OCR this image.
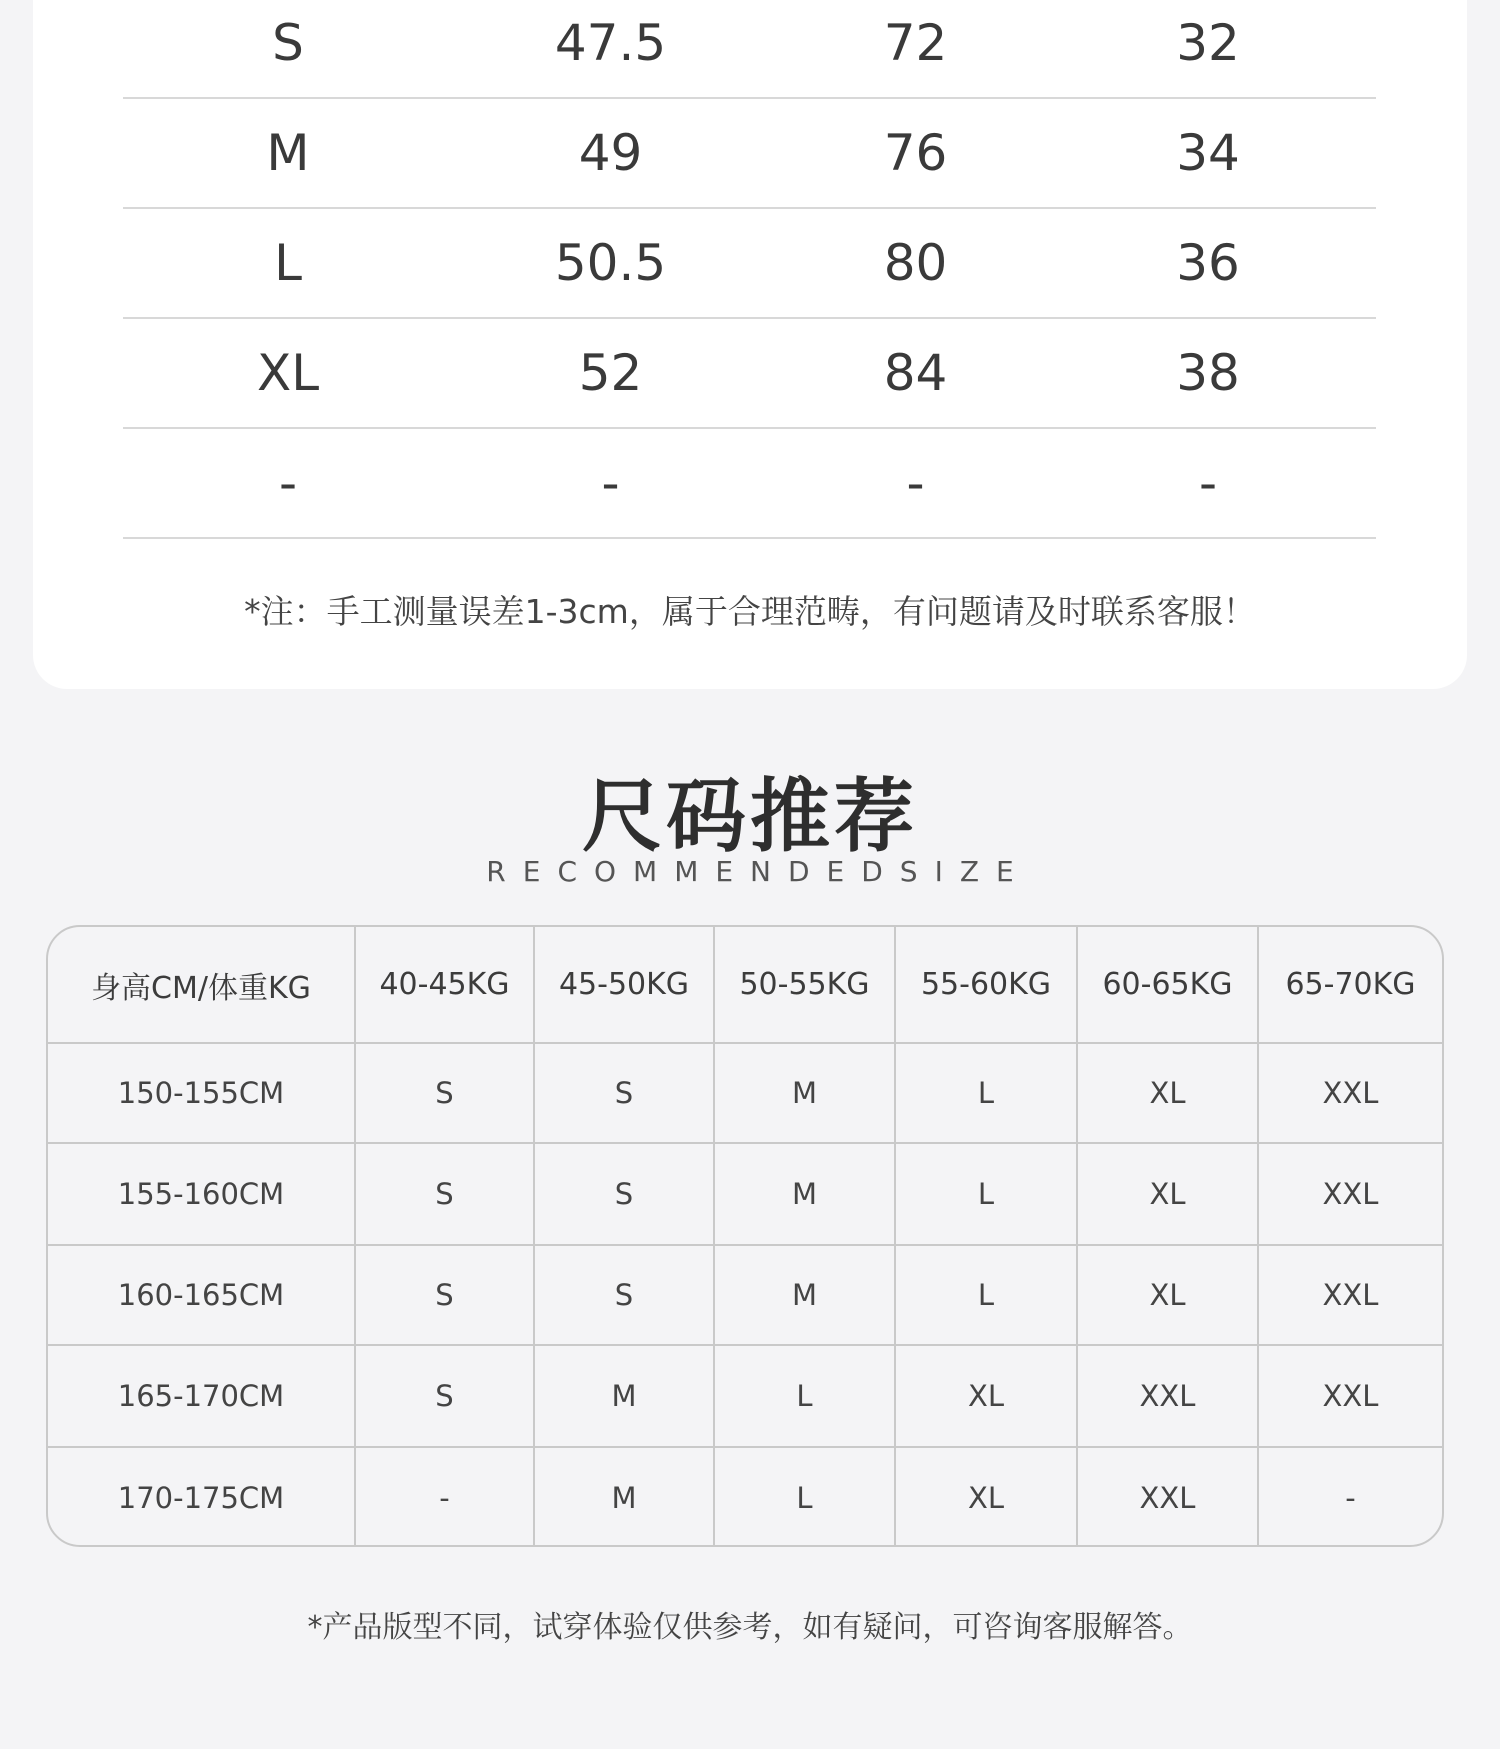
S	47.5	72	32
M	49	76	34
L	50.5	80	36
XL	52	84	38
-	-	-	-
*注：手工测量误差1-3cm，属于合理范畴，有问题请及时联系客服！
尺码推荐
RECOMMENDEDSIZE
身高CM/体重KG	40-45KG	45-50KG	50-55KG	55-60KG	60-65KG	65-70KG
150-155CM	S	S	M	L	XL	XXL
155-160CM	S	S	M	L	XL	XXL
160-165CM	S	S	M	L	XL	XXL
165-170CM	S	M	L	XL	XXL	XXL
170-175CM	-	M	L	XL	XXL	-
*产品版型不同，试穿体验仅供参考，如有疑问，可咨询客服解答。
